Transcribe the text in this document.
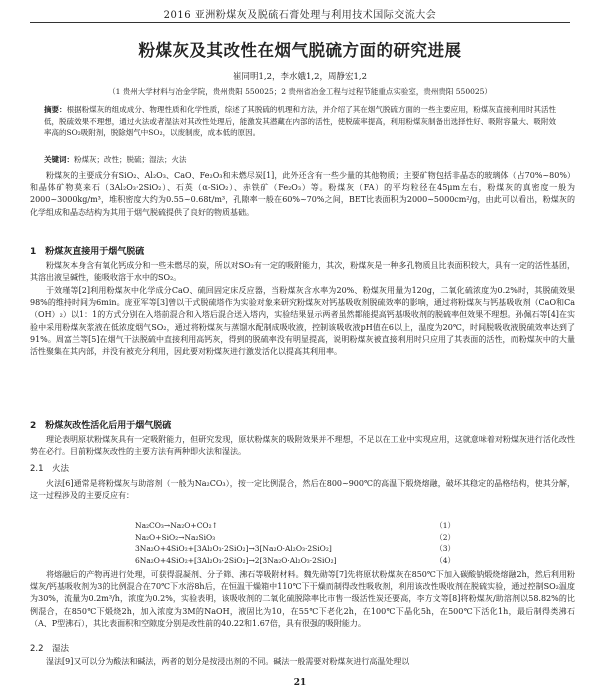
2016 亚洲粉煤灰及脱硫石膏处理与利用技术国际交流大会
粉煤灰及其改性在烟气脱硫方面的研究进展
崔同明1,2，李水娥1,2，周静宏1,2
（1 贵州大学材料与冶金学院，贵州贵阳 550025；2 贵州省冶金工程与过程节能重点实验室，贵州贵阳 550025）
摘要：根据粉煤灰的组成成分、物理性质和化学性质，综述了其脱硫的机理和方法，并介绍了其在烟气脱硫方面的一些主要应用，粉煤灰直接利用时其活性低，脱硫效果不理想，通过火法或者湿法对其改性处理后，能激发其潜藏在内部的活性，使脱硫率提高，利用粉煤灰制备出选择性好、吸附容量大、吸附效率高的SO₂吸附剂，脱除烟气中SO₂，以废制废，成本低的原因。
关键词：粉煤灰；改性；脱硫；湿法；火法
粉煤灰的主要成分有SiO₂、Al₂O₃、CaO、Fe₂O₃和未燃尽炭[1]，此外还含有一些少量的其他物质；主要矿物包括非晶态的玻璃体（占70%~80%）和晶体矿物莫来石（3Al₂O₃·2SiO₂）、石英（α-SiO₂）、赤铁矿（Fe₂O₃）等。粉煤灰（FA）的平均粒径在45μm左右，粉煤灰的真密度一般为2000~3000kg/m³，堆积密度大约为0.55~0.68t/m³，孔隙率一般在60%~70%之间，BET比表面积为2000~5000cm²/g，由此可以看出，粉煤灰的化学组成和晶态结构为其用于烟气脱硫提供了良好的物质基础。
1　粉煤灰直接用于烟气脱硫
粉煤灰本身含有氧化钙成分和一些未燃尽的炭，所以对SO₂有一定的吸附能力，其次，粉煤灰是一种多孔物质且比表面积较大，具有一定的活性基团，其溶出液呈碱性，能吸收溶于水中的SO₂。
于效瑾等[2]利用粉煤灰中化学成分CaO、硫回固定床反应器，当粉煤灰含水率为20%、粉煤灰用量为120g，二氧化硫浓度为0.2%时，其脱硫效果98%的维持时间为6min。庞亚军等[3]曾以干式脱硫塔作为实验对象来研究粉煤灰对钙基吸收剂脱硫效率的影响，通过将粉煤灰与钙基吸收剂（CaO和Ca（OH）₂）以1：1的方式分别在入塔前混合和入塔后混合送入塔内，实验结果显示两者虽然都能提高钙基吸收剂的脱硫率但效果不理想。孙佩石等[4]在实验中采用粉煤灰浆液在低浓度烟气SO₂，通过将粉煤灰与蒸馏水配制成吸收液，控制该吸收液pH值在6以上，温度为20℃，时间脱吸收液脱硫效率达到了91%。周富兰等[5]在烟气干法脱硫中直接利用高钙灰，得到的脱硫率没有明显提高，说明粉煤灰被直接利用时只应用了其表面的活性，而粉煤灰中的大量活性聚集在其内部，并没有被充分利用，因此要对粉煤灰进行激发活化以提高其利用率。
2　粉煤灰改性活化后用于烟气脱硫
理论表明原状粉煤灰具有一定吸附能力，但研究发现，原状粉煤灰的吸附效果并不理想，不足以在工业中实现应用，这就意味着对粉煤灰进行活化改性势在必行。目前粉煤灰改性的主要方法有两种即火法和湿法。
2.1　火法
火法[6]通常是将粉煤灰与助溶剂（一般为Na₂CO₃），按一定比例混合，然后在800~900℃的高温下煅烧熔融，破坏其稳定的晶格结构，使其分解，这一过程涉及的主要反应有：
Na₂CO₃→Na₂O+CO₂↑	（1）
Na₂O+SiO₂→Na₂SiO₃	（2）
3Na₂O+4SiO₂+[3Al₂O₃·2SiO₂]→3[Na₂O·Al₂O₃·2SiO₂]	（3）
6Na₂O+4SiO₂+[3Al₂O₃·2SiO₂]→2[3Na₂O·Al₂O₃·2SiO₂]	（4）
将熔融后的产物再进行处理，可获得混凝剂、分子筛、沸石等吸附材料。魏先勋等[7]先将原状粉煤灰在850℃下加入碳酸钠煅烧熔融2h，然后利用粉煤灰/钙基吸收剂为3的比例混合在70℃下水浴8h后，在恒温干燥箱中110℃下干燥而制得改性吸收剂，利用该改性吸收剂在脱硫实验，通过控制SO₂温度为30%，流量为0.2m³/h，浓度为0.2%，实验表明，该吸收剂的二氧化硫脱除率比市售一级活性炭还要高，李方文等[8]将粉煤灰/助溶剂以58.82%的比例混合，在850℃下煅烧2h，加入浓度为3M的NaOH，液固比为10，在55℃下老化2h，在100℃下晶化5h，在500℃下活化1h，最后制得类沸石（A、P型沸石），其比表面积和空隙度分别是改性前的40.22和1.67倍，具有很强的吸附能力。
2.2　湿法
湿法[9]又可以分为酸法和碱法，两者的划分是按浸出剂的不同。碱法一般需要对粉煤灰进行高温处理以
21
